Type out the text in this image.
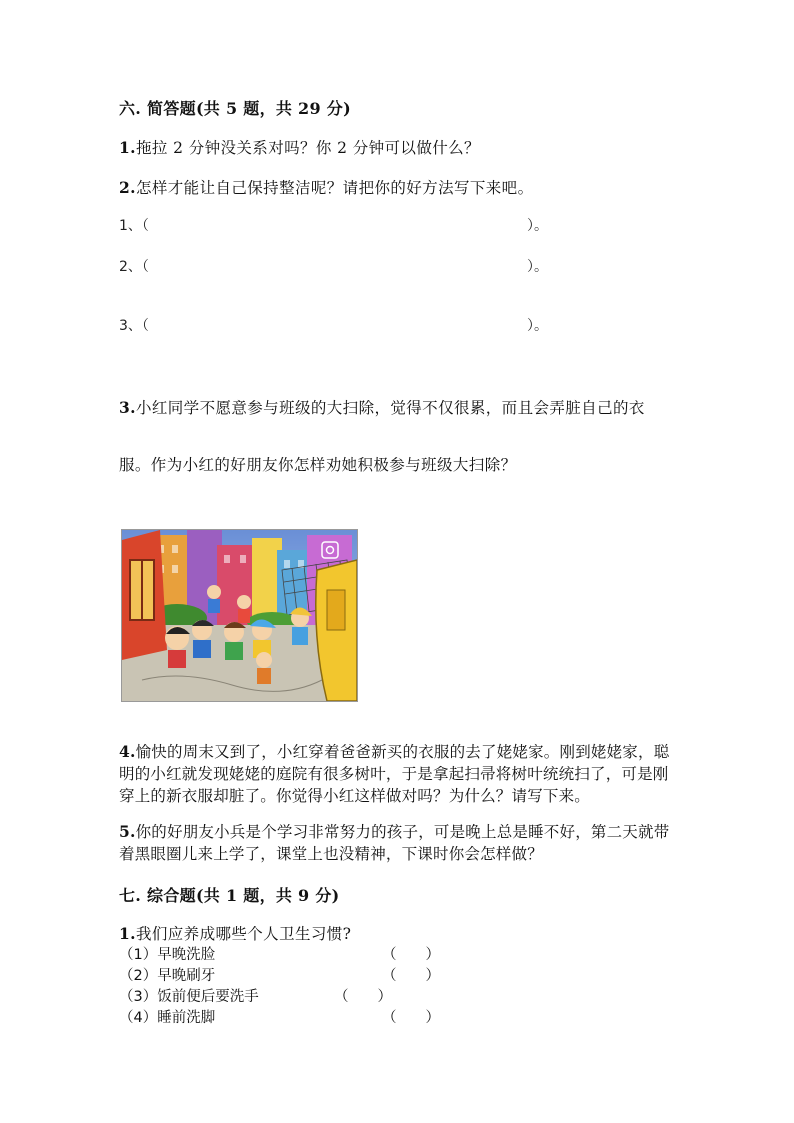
六. 简答题(共 5 题，共 29 分)
1.拖拉 2 分钟没关系对吗？你 2 分钟可以做什么？
2.怎样才能让自己保持整洁呢？请把你的好方法写下来吧。
1、（	）。
2、（	）。
3、（	）。
3.小红同学不愿意参与班级的大扫除，觉得不仅很累，而且会弄脏自己的衣
服。作为小红的好朋友你怎样劝她积极参与班级大扫除？
4.愉快的周末又到了，小红穿着爸爸新买的衣服的去了姥姥家。刚到姥姥家，聪明的小红就发现姥姥的庭院有很多树叶，于是拿起扫帚将树叶统统扫了，可是刚穿上的新衣服却脏了。你觉得小红这样做对吗？为什么？请写下来。
5.你的好朋友小兵是个学习非常努力的孩子，可是晚上总是睡不好，第二天就带着黑眼圈儿来上学了，课堂上也没精神，下课时你会怎样做？
七. 综合题(共 1 题，共 9 分)
1.我们应养成哪些个人卫生习惯?
（1）早晚洗脸	（　　）
（2）早晚刷牙	（　　）
（3）饭前便后要洗手	（　　）
（4）睡前洗脚	（　　）
